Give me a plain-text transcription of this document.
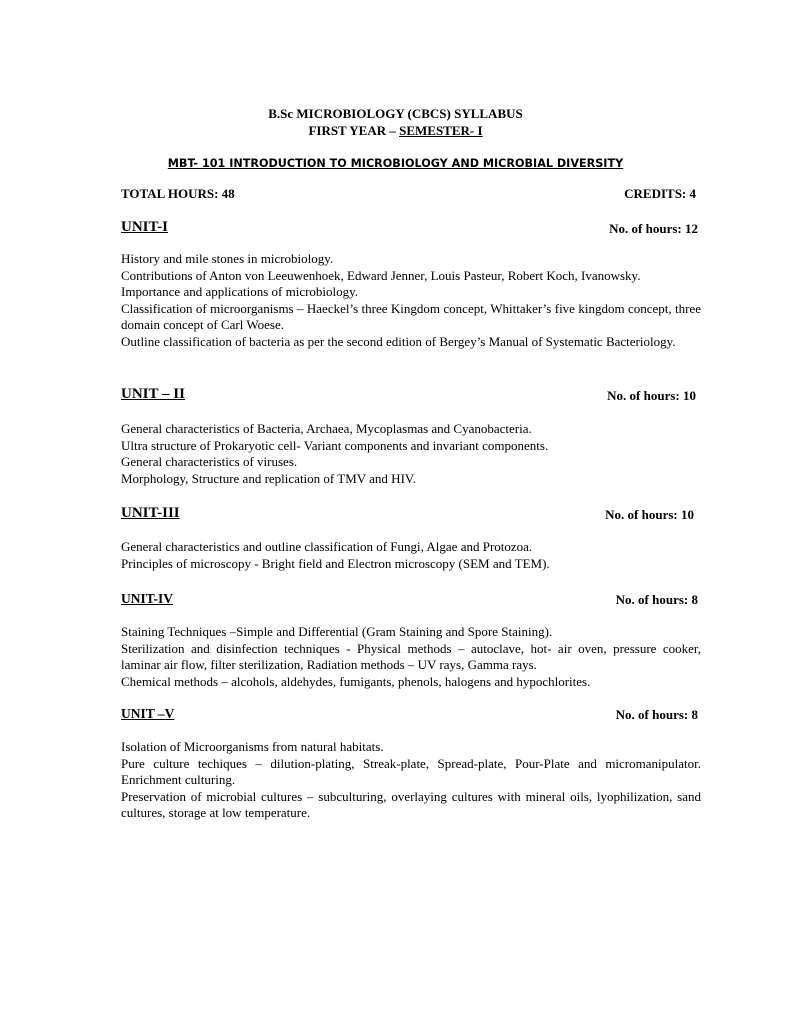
B.Sc MICROBIOLOGY (CBCS) SYLLABUS
FIRST YEAR – SEMESTER- I
MBT- 101 INTRODUCTION TO MICROBIOLOGY AND MICROBIAL DIVERSITY
TOTAL HOURS: 48	CREDITS: 4
UNIT-I	No. of hours: 12

History and mile stones in microbiology.

Contributions of Anton von Leeuwenhoek, Edward Jenner, Louis Pasteur, Robert Koch, Ivanowsky.

Importance and applications of microbiology.

Classification of microorganisms – Haeckel’s three Kingdom concept, Whittaker’s five kingdom concept, three domain concept of Carl Woese.

Outline classification of bacteria as per the second edition of Bergey’s Manual of Systematic Bacteriology.

UNIT – II	No. of hours: 10

General characteristics of Bacteria, Archaea, Mycoplasmas and Cyanobacteria.

Ultra structure of Prokaryotic cell- Variant components and invariant components.

General characteristics of viruses.

Morphology, Structure and replication of TMV and HIV.

UNIT-III	No. of hours: 10

General characteristics and outline classification of Fungi, Algae and Protozoa.

Principles of microscopy - Bright field and Electron microscopy (SEM and TEM).

UNIT-IV	No. of hours: 8

Staining Techniques –Simple and Differential (Gram Staining and Spore Staining).

Sterilization and disinfection techniques - Physical methods – autoclave, hot- air oven, pressure cooker, laminar air flow, filter sterilization, Radiation methods – UV rays, Gamma rays.

Chemical methods – alcohols, aldehydes, fumigants, phenols, halogens and hypochlorites.

UNIT –V	No. of hours: 8

Isolation of Microorganisms from natural habitats.

Pure culture techiques – dilution-plating, Streak-plate, Spread-plate, Pour-Plate and micromanipulator. Enrichment culturing.

Preservation of microbial cultures – subculturing, overlaying cultures with mineral oils, lyophilization, sand cultures, storage at low temperature.
